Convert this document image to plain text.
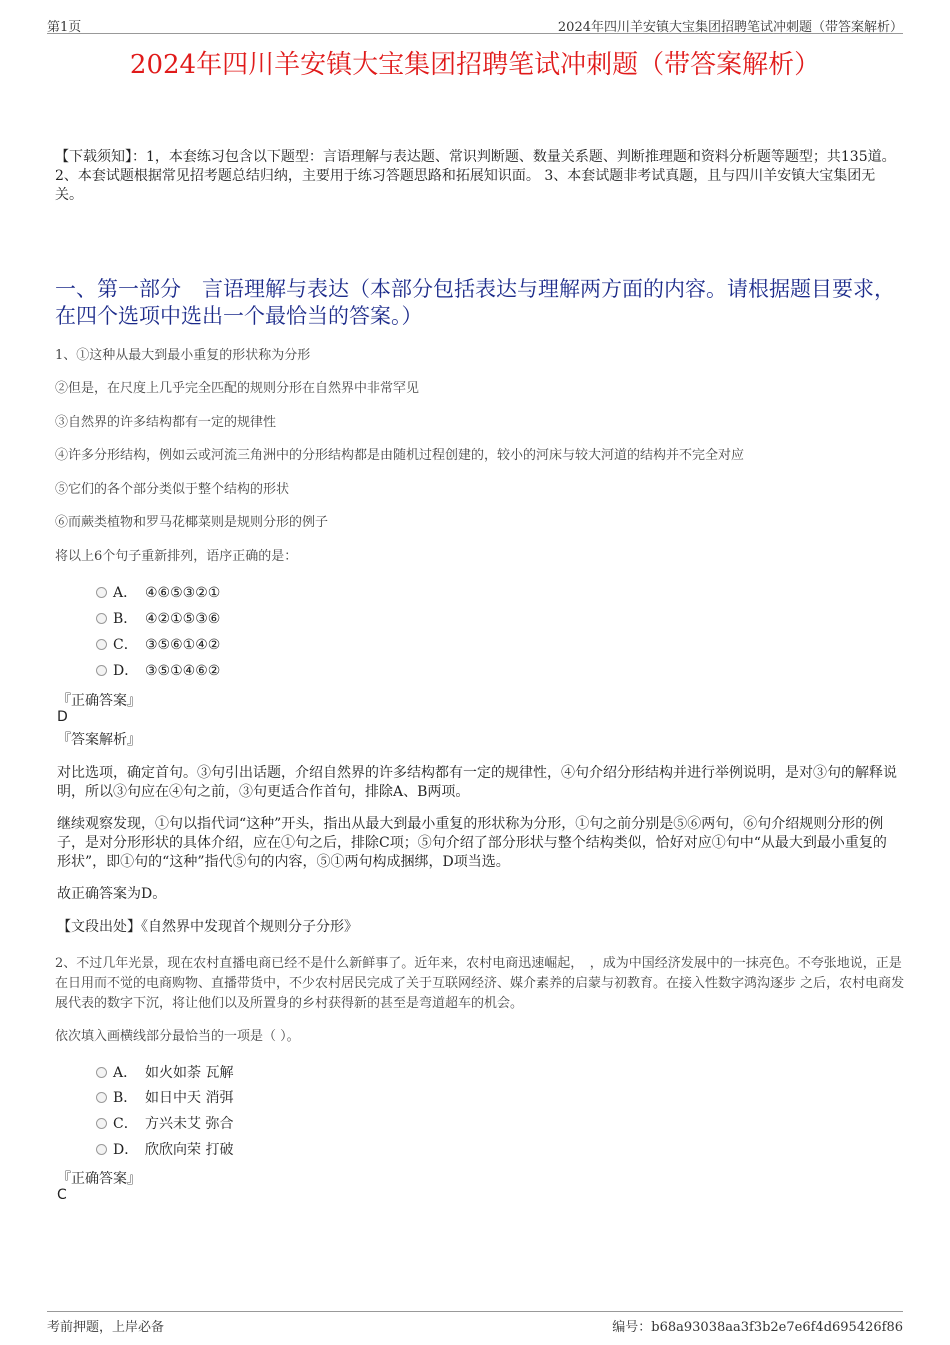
第1页	2024年四川羊安镇大宝集团招聘笔试冲刺题（带答案解析）
2024年四川羊安镇大宝集团招聘笔试冲刺题（带答案解析）
【下载须知】：1，本套练习包含以下题型：言语理解与表达题、常识判断题、数量关系题、判断推理题和资料分析题等题型；共135道。 2、本套试题根据常见招考题总结归纳，主要用于练习答题思路和拓展知识面。 3、本套试题非考试真题，且与四川羊安镇大宝集团无关。
一、第一部分　言语理解与表达（本部分包括表达与理解两方面的内容。请根据题目要求，在四个选项中选出一个最恰当的答案。）
1、①这种从最大到最小重复的形状称为分形
②但是，在尺度上几乎完全匹配的规则分形在自然界中非常罕见
③自然界的许多结构都有一定的规律性
④许多分形结构，例如云或河流三角洲中的分形结构都是由随机过程创建的，较小的河床与较大河道的结构并不完全对应
⑤它们的各个部分类似于整个结构的形状
⑥而蕨类植物和罗马花椰菜则是规则分形的例子
将以上6个句子重新排列，语序正确的是：
A． ④⑥⑤③②①
B． ④②①⑤③⑥
C． ③⑤⑥①④②
D． ③⑤①④⑥②
『正确答案』
D
『答案解析』
对比选项，确定首句。③句引出话题，介绍自然界的许多结构都有一定的规律性，④句介绍分形结构并进行举例说明，是对③句的解释说明，所以③句应在④句之前，③句更适合作首句，排除A、B两项。
继续观察发现，①句以指代词“这种”开头，指出从最大到最小重复的形状称为分形，①句之前分别是⑤⑥两句，⑥句介绍规则分形的例子，是对分形形状的具体介绍，应在①句之后，排除C项；⑤句介绍了部分形状与整个结构类似，恰好对应①句中“从最大到最小重复的形状”，即①句的“这种”指代⑤句的内容，⑤①两句构成捆绑，D项当选。
故正确答案为D。
【文段出处】《自然界中发现首个规则分子分形》
2、不过几年光景，现在农村直播电商已经不是什么新鲜事了。近年来，农村电商迅速崛起，　，成为中国经济发展中的一抹亮色。不夸张地说，正是在日用而不觉的电商购物、直播带货中，不少农村居民完成了关于互联网经济、媒介素养的启蒙与初教育。在接入性数字鸿沟逐步 之后，农村电商发展代表的数字下沉，将让他们以及所置身的乡村获得新的甚至是弯道超车的机会。
依次填入画横线部分最恰当的一项是（ ）。
A． 如火如荼 瓦解
B． 如日中天 消弭
C． 方兴未艾 弥合
D． 欣欣向荣 打破
『正确答案』
C
考前押题，上岸必备	编号：b68a93038aa3f3b2e7e6f4d695426f86
